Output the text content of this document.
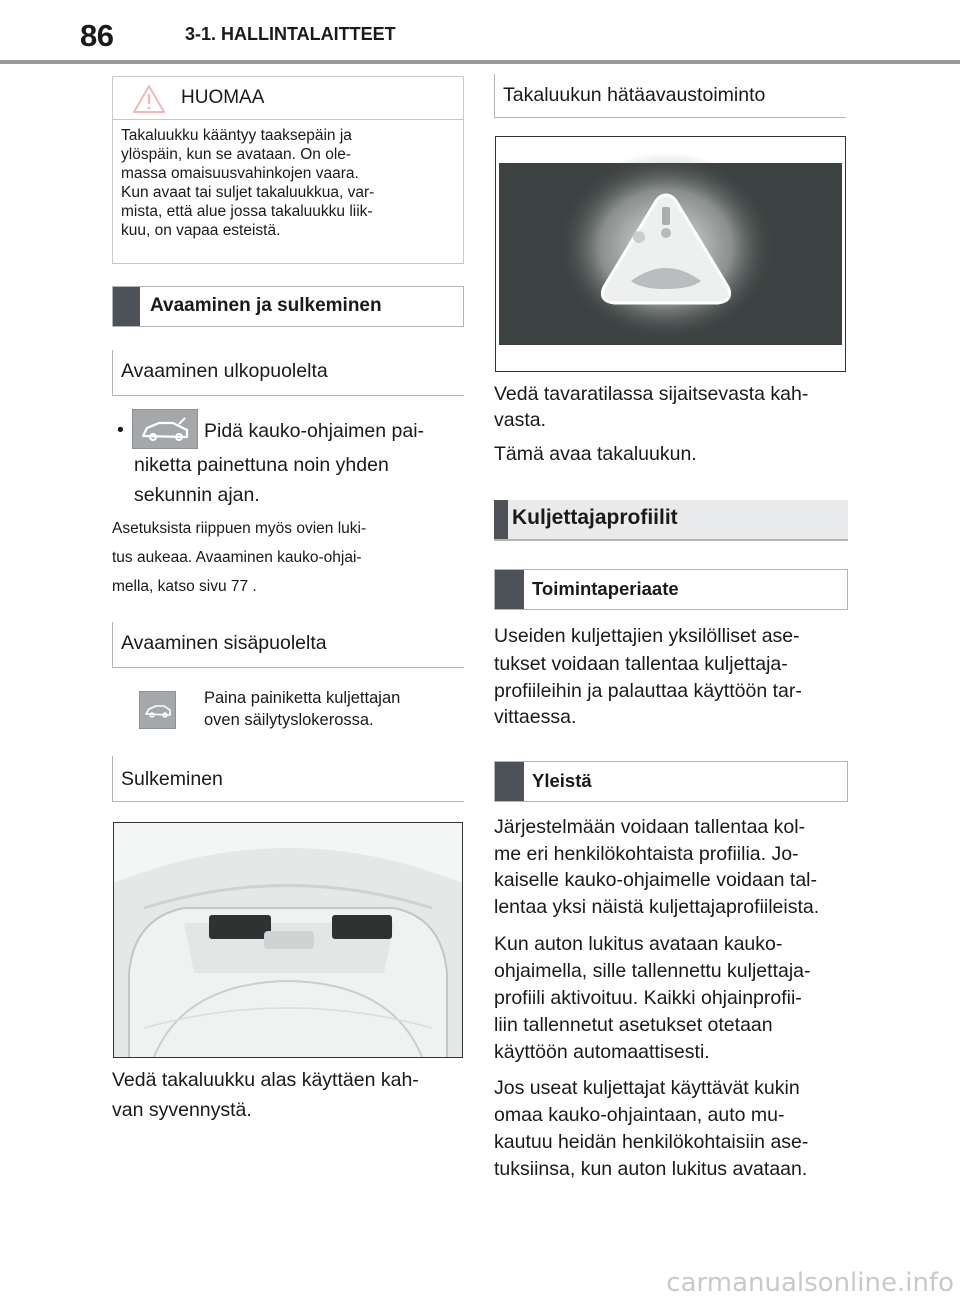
86	3-1. HALLINTALAITTEET
HUOMAA
Takaluukku kääntyy taaksepäin ja
ylöspäin, kun se avataan. On ole-
massa omaisuusvahinkojen vaara.
Kun avaat tai suljet takaluukkua, var-
mista, että alue jossa takaluukku liik-
kuu, on vapaa esteistä.
Avaaminen ja sulkeminen
Avaaminen ulkopuolelta
•	Pidä kauko-ohjaimen pai-
niketta painettuna noin yhden
sekunnin ajan.
Asetuksista riippuen myös ovien luki-
tus aukeaa. Avaaminen kauko-ohjai-
mella, katso sivu 77 .
Avaaminen sisäpuolelta
Paina painiketta kuljettajan
oven säilytyslokerossa.
Sulkeminen
Vedä takaluukku alas käyttäen kah-
van syvennystä.
Takaluukun hätäavaustoiminto
Vedä tavaratilassa sijaitsevasta kah-
vasta.
Tämä avaa takaluukun.
Kuljettajaprofiilit
Toimintaperiaate
Useiden kuljettajien yksilölliset ase-
tukset voidaan tallentaa kuljettaja-
profiileihin ja palauttaa käyttöön tar-
vittaessa.
Yleistä
Järjestelmään voidaan tallentaa kol-
me eri henkilökohtaista profiilia. Jo-
kaiselle kauko-ohjaimelle voidaan tal-
lentaa yksi näistä kuljettajaprofiileista.
Kun auton lukitus avataan kauko-
ohjaimella, sille tallennettu kuljettaja-
profiili aktivoituu. Kaikki ohjainprofii-
liin tallennetut asetukset otetaan
käyttöön automaattisesti.
Jos useat kuljettajat käyttävät kukin
omaa kauko-ohjaintaan, auto mu-
kautuu heidän henkilökohtaisiin ase-
tuksiinsa, kun auton lukitus avataan.
carmanualsonline.info
